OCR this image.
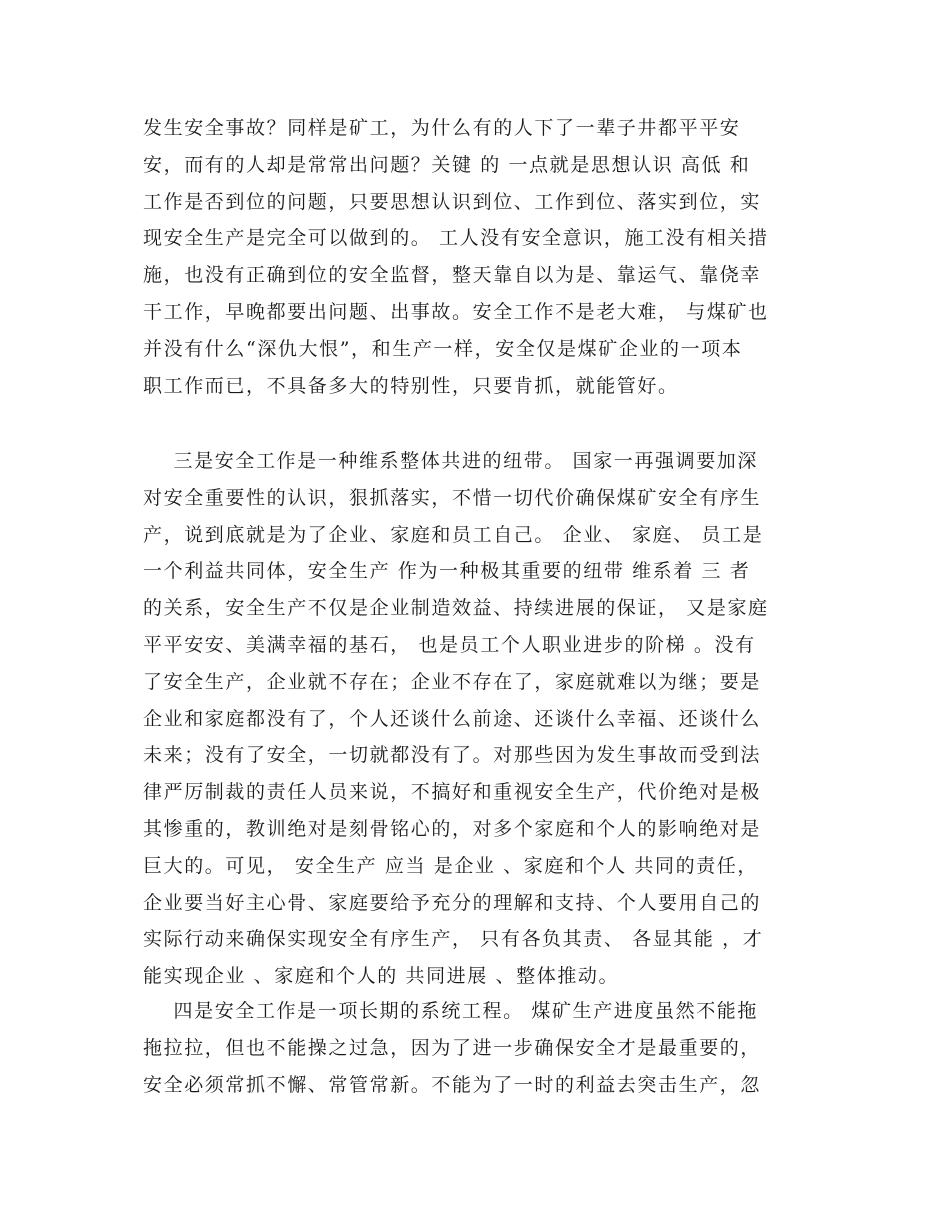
发生安全事故？同样是矿工，为什么有的人下了一辈子井都平平安
安，而有的人却是常常出问题？关键 的 一点就是思想认识 高低 和
工作是否到位的问题，只要思想认识到位、工作到位、落实到位，实
现安全生产是完全可以做到的。 工人没有安全意识，施工没有相关措
施，也没有正确到位的安全监督，整天靠自以为是、靠运气、靠侥幸
干工作，早晚都要出问题、出事故。安全工作不是老大难， 与煤矿也
并没有什么“深仇大恨”，和生产一样，安全仅是煤矿企业的一项本
职工作而已，不具备多大的特别性，只要肯抓，就能管好。
三是安全工作是一种维系整体共进的纽带。 国家一再强调要加深
对安全重要性的认识，狠抓落实，不惜一切代价确保煤矿安全有序生
产，说到底就是为了企业、家庭和员工自己。 企业、 家庭、 员工是
一个利益共同体，安全生产 作为一种极其重要的纽带 维系着 三 者
的关系，安全生产不仅是企业制造效益、持续进展的保证， 又是家庭
平平安安、美满幸福的基石， 也是员工个人职业进步的阶梯 。没有
了安全生产，企业就不存在；企业不存在了，家庭就难以为继；要是
企业和家庭都没有了，个人还谈什么前途、还谈什么幸福、还谈什么
未来；没有了安全，一切就都没有了。对那些因为发生事故而受到法
律严厉制裁的责任人员来说，不搞好和重视安全生产，代价绝对是极
其惨重的，教训绝对是刻骨铭心的，对多个家庭和个人的影响绝对是
巨大的。可见， 安全生产 应当 是企业 、家庭和个人 共同的责任，
企业要当好主心骨、家庭要给予充分的理解和支持、个人要用自己的
实际行动来确保实现安全有序生产， 只有各负其责、 各显其能 ，才
能实现企业 、家庭和个人的 共同进展 、整体推动。
四是安全工作是一项长期的系统工程。 煤矿生产进度虽然不能拖
拖拉拉，但也不能操之过急，因为了进一步确保安全才是最重要的，
安全必须常抓不懈、常管常新。不能为了一时的利益去突击生产，忽
